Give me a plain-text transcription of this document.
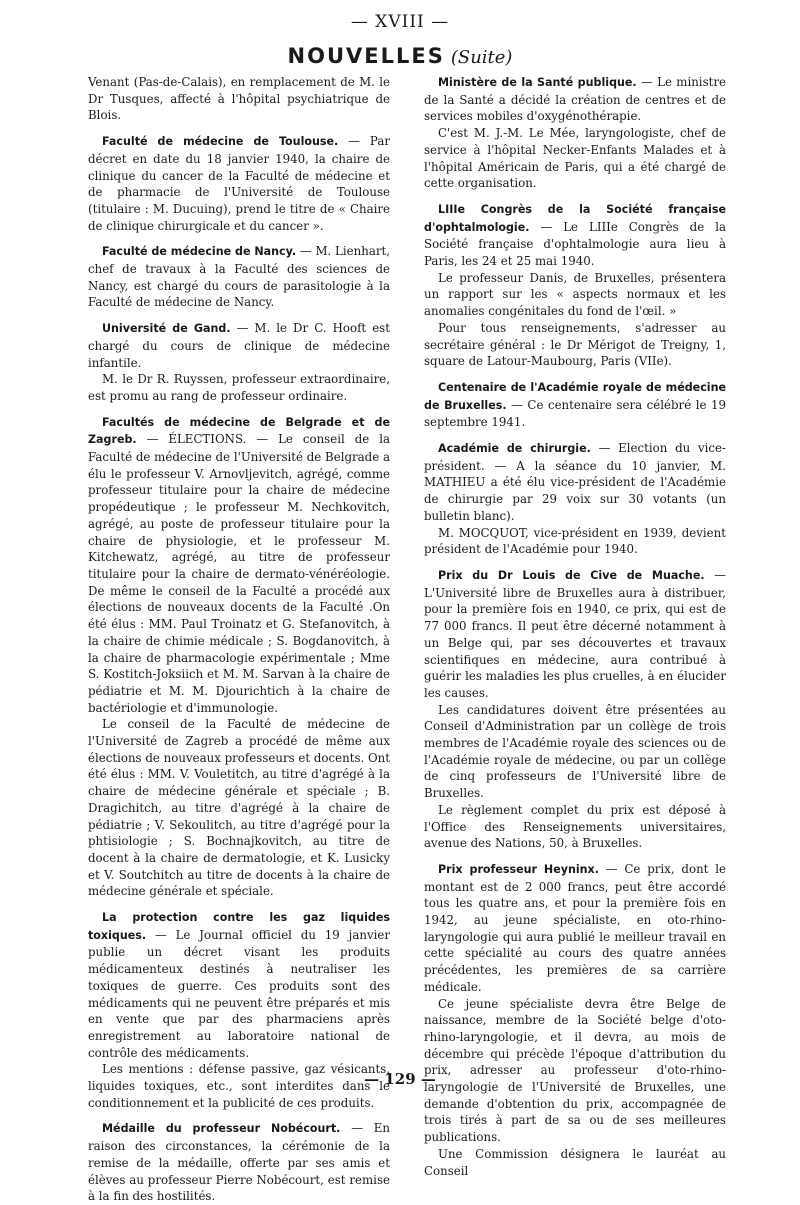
— XVIII —
NOUVELLES (Suite)

Venant (Pas-de-Calais), en remplacement de M. le Dr Tusques, affecté à l'hôpital psychiatrique de Blois.

Faculté de médecine de Toulouse. — Par décret en date du 18 janvier 1940, la chaire de clinique du cancer de la Faculté de médecine et de pharmacie de l'Université de Toulouse (titulaire : M. Ducuing), prend le titre de « Chaire de clinique chirurgicale et du cancer ».

Faculté de médecine de Nancy. — M. Lienhart, chef de travaux à la Faculté des sciences de Nancy, est chargé du cours de parasitologie à la Faculté de médecine de Nancy.

Université de Gand. — M. le Dr C. Hooft est chargé du cours de clinique de médecine infantile.

M. le Dr R. Ruyssen, professeur extraordinaire, est promu au rang de professeur ordinaire.

Facultés de médecine de Belgrade et de Zagreb. — ÉLECTIONS. — Le conseil de la Faculté de médecine de l'Université de Belgrade a élu le professeur V. Arnovljevitch, agrégé, comme professeur titulaire pour la chaire de médecine propédeutique ; le professeur M. Nechkovitch, agrégé, au poste de professeur titulaire pour la chaire de physiologie, et le professeur M. Kitchewatz, agrégé, au titre de professeur titulaire pour la chaire de dermato-vénéréologie. De même le conseil de la Faculté a procédé aux élections de nouveaux docents de la Faculté .On été élus : MM. Paul Troinatz et G. Stefanovitch, à la chaire de chimie médicale ; S. Bogdanovitch, à la chaire de pharmacologie expérimentale ; Mme S. Kostitch-Joksiich et M. M. Sarvan à la chaire de pédiatrie et M. M. Djourichtich à la chaire de bactériologie et d'immunologie.

Le conseil de la Faculté de médecine de l'Université de Zagreb a procédé de même aux élections de nouveaux professeurs et docents. Ont été élus : MM. V. Vouletitch, au titre d'agrégé à la chaire de médecine générale et spéciale ; B. Dragichitch, au titre d'agrégé à la chaire de pédiatrie ; V. Sekoulitch, au titre d'agrégé pour la phtisiologie ; S. Bochnajkovitch, au titre de docent à la chaire de dermatologie, et K. Lusicky et V. Soutchitch au titre de docents à la chaire de médecine générale et spéciale.

La protection contre les gaz liquides toxiques. — Le Journal officiel du 19 janvier publie un décret visant les produits médicamenteux destinés à neutraliser les toxiques de guerre. Ces produits sont des médicaments qui ne peuvent être préparés et mis en vente que par des pharmaciens après enregistrement au laboratoire national de contrôle des médicaments.

Les mentions : défense passive, gaz vésicants, liquides toxiques, etc., sont interdites dans le conditionnement et la publicité de ces produits.

Médaille du professeur Nobécourt. — En raison des circonstances, la cérémonie de la remise de la médaille, offerte par ses amis et élèves au professeur Pierre Nobécourt, est remise à la fin des hostilités.

Ministère de la Santé publique. — Le ministre de la Santé a décidé la création de centres et de services mobiles d'oxygénothérapie.

C'est M. J.-M. Le Mée, laryngologiste, chef de service à l'hôpital Necker-Enfants Malades et à l'hôpital Américain de Paris, qui a été chargé de cette organisation.

LIIIe Congrès de la Société française d'ophtalmologie. — Le LIIIe Congrès de la Société française d'ophtalmologie aura lieu à Paris, les 24 et 25 mai 1940.

Le professeur Danis, de Bruxelles, présentera un rapport sur les « aspects normaux et les anomalies congénitales du fond de l'œil. »

Pour tous renseignements, s'adresser au secrétaire général : le Dr Mérigot de Treigny, 1, square de Latour-Maubourg, Paris (VIIe).

Centenaire de l'Académie royale de médecine de Bruxelles. — Ce centenaire sera célébré le 19 septembre 1941.

Académie de chirurgie. — Election du vice-président. — A la séance du 10 janvier, M. MATHIEU a été élu vice-président de l'Académie de chirurgie par 29 voix sur 30 votants (un bulletin blanc).

M. MOCQUOT, vice-président en 1939, devient président de l'Académie pour 1940.

Prix du Dr Louis de Cive de Muache. — L'Université libre de Bruxelles aura à distribuer, pour la première fois en 1940, ce prix, qui est de 77 000 francs. Il peut être décerné notamment à un Belge qui, par ses découvertes et travaux scientifiques en médecine, aura contribué à guérir les maladies les plus cruelles, à en élucider les causes.

Les candidatures doivent être présentées au Conseil d'Administration par un collège de trois membres de l'Académie royale des sciences ou de l'Académie royale de médecine, ou par un collège de cinq professeurs de l'Université libre de Bruxelles.

Le règlement complet du prix est déposé à l'Office des Renseignements universitaires, avenue des Nations, 50, à Bruxelles.

Prix professeur Heyninx. — Ce prix, dont le montant est de 2 000 francs, peut être accordé tous les quatre ans, et pour la première fois en 1942, au jeune spécialiste, en oto-rhino-laryngologie qui aura publié le meilleur travail en cette spécialité au cours des quatre années précédentes, les premières de sa carrière médicale.

Ce jeune spécialiste devra être Belge de naissance, membre de la Société belge d'oto-rhino-laryngologie, et il devra, au mois de décembre qui précède l'époque d'attribution du prix, adresser au professeur d'oto-rhino-laryngologie de l'Université de Bruxelles, une demande d'obtention du prix, accompagnée de trois tirés à part de sa ou de ses meilleures publications.

Une Commission désignera le lauréat au Conseil

— 129 —
